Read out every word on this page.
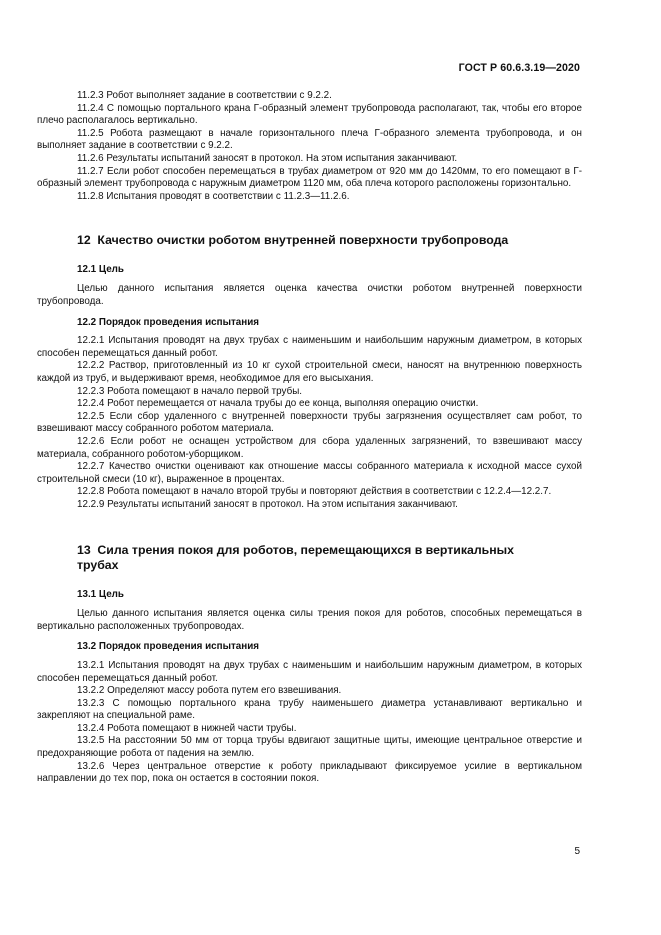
ГОСТ Р 60.6.3.19—2020

11.2.3 Робот выполняет задание в соответствии с 9.2.2.

11.2.4 С помощью портального крана Г-образный элемент трубопровода располагают, так, чтобы его второе плечо располагалось вертикально.

11.2.5 Робота размещают в начале горизонтального плеча Г-образного элемента трубопровода, и он выполняет задание в соответствии с 9.2.2.

11.2.6 Результаты испытаний заносят в протокол. На этом испытания заканчивают.

11.2.7 Если робот способен перемещаться в трубах диаметром от 920 мм до 1420мм, то его помещают в Г-образный элемент трубопровода с наружным диаметром 1120 мм, оба плеча которого расположены горизонтально.

11.2.8 Испытания проводят в соответствии с 11.2.3—11.2.6.

12 Качество очистки роботом внутренней поверхности трубопровода
12.1 Цель

Целью данного испытания является оценка качества очистки роботом внутренней поверхности трубопровода.

12.2 Порядок проведения испытания

12.2.1 Испытания проводят на двух трубах с наименьшим и наибольшим наружным диаметром, в которых способен перемещаться данный робот.

12.2.2 Раствор, приготовленный из 10 кг сухой строительной смеси, наносят на внутреннюю поверхность каждой из труб, и выдерживают время, необходимое для его высыхания.

12.2.3 Робота помещают в начало первой трубы.

12.2.4 Робот перемещается от начала трубы до ее конца, выполняя операцию очистки.

12.2.5 Если сбор удаленного с внутренней поверхности трубы загрязнения осуществляет сам робот, то взвешивают массу собранного роботом материала.

12.2.6 Если робот не оснащен устройством для сбора удаленных загрязнений, то взвешивают массу материала, собранного роботом-уборщиком.

12.2.7 Качество очистки оценивают как отношение массы собранного материала к исходной массе сухой строительной смеси (10 кг), выраженное в процентах.

12.2.8 Робота помещают в начало второй трубы и повторяют действия в соответствии с 12.2.4—12.2.7.

12.2.9 Результаты испытаний заносят в протокол. На этом испытания заканчивают.

13 Сила трения покоя для роботов, перемещающихся в вертикальных
трубах
13.1 Цель

Целью данного испытания является оценка силы трения покоя для роботов, способных перемещаться в вертикально расположенных трубопроводах.

13.2 Порядок проведения испытания

13.2.1 Испытания проводят на двух трубах с наименьшим и наибольшим наружным диаметром, в которых способен перемещаться данный робот.

13.2.2 Определяют массу робота путем его взвешивания.

13.2.3 С помощью портального крана трубу наименьшего диаметра устанавливают вертикально и закрепляют на специальной раме.

13.2.4 Робота помещают в нижней части трубы.

13.2.5 На расстоянии 50 мм от торца трубы вдвигают защитные щиты, имеющие центральное отверстие и предохраняющие робота от падения на землю.

13.2.6 Через центральное отверстие к роботу прикладывают фиксируемое усилие в вертикальном направлении до тех пор, пока он остается в состоянии покоя.

5
